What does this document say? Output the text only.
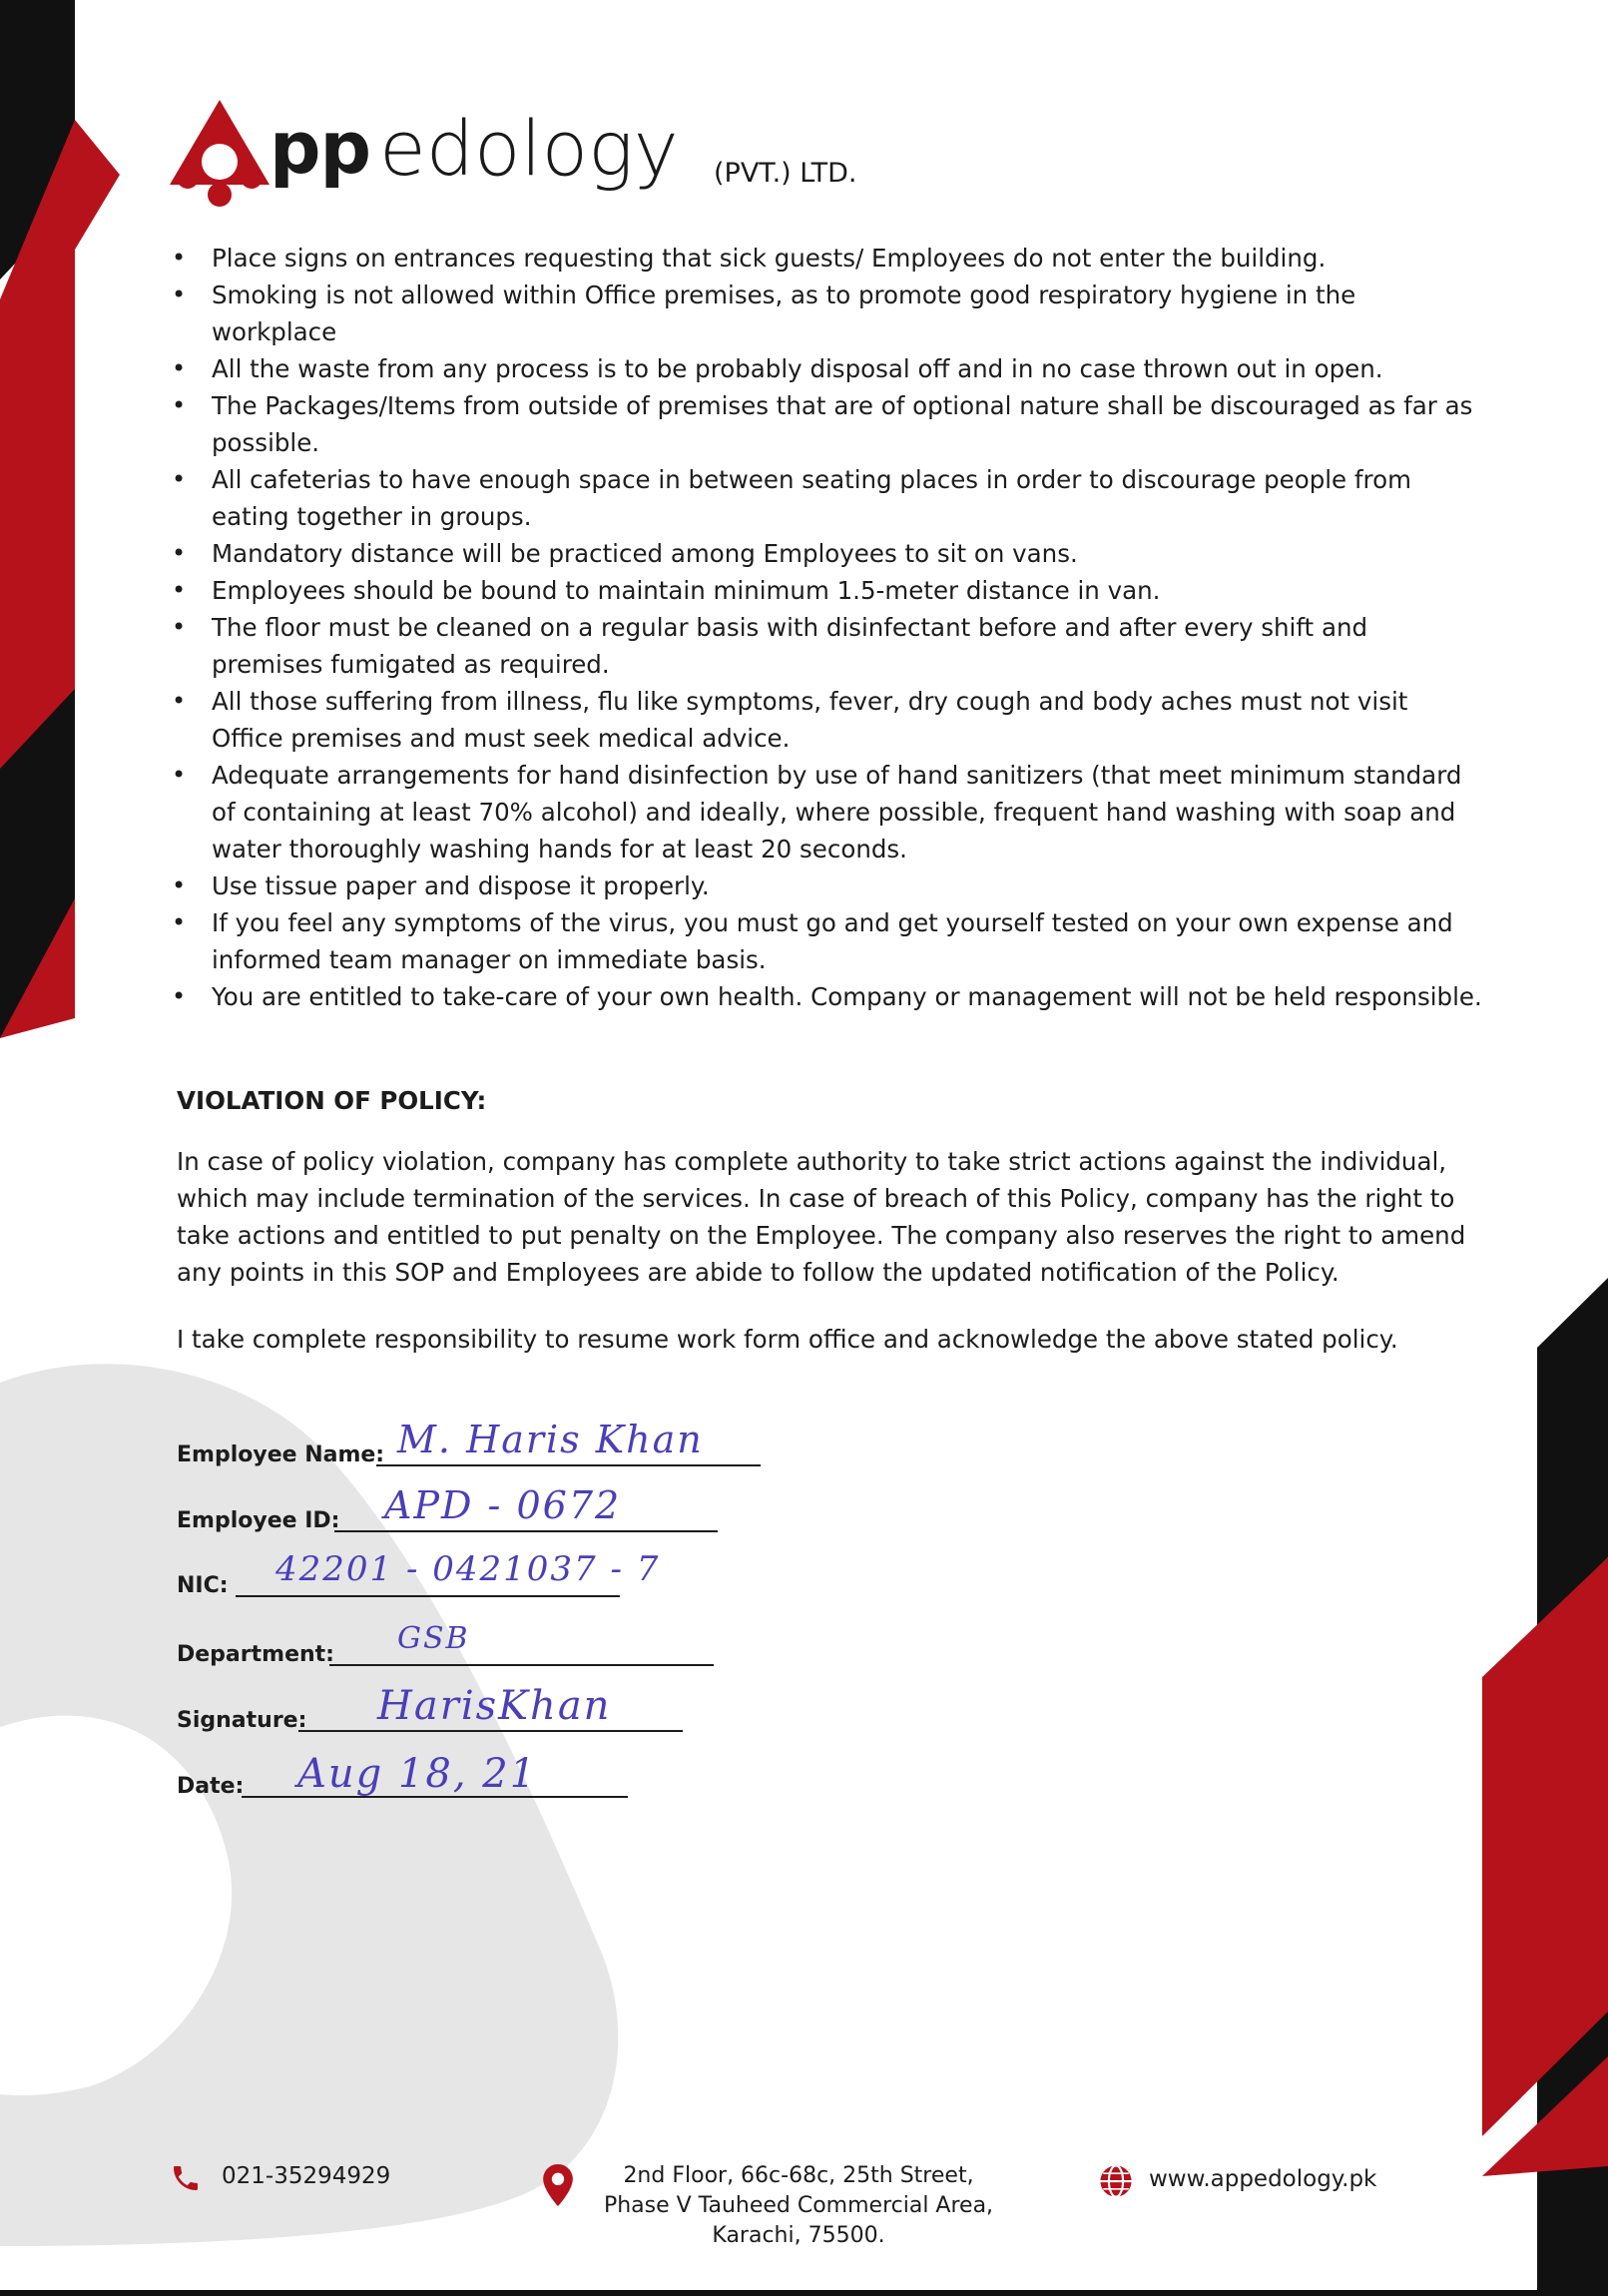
pp edology (PVT.) LTD.
• Place signs on entrances requesting that sick guests/ Employees do not enter the building.
• Smoking is not allowed within Office premises, as to promote good respiratory hygiene in the workplace
• All the waste from any process is to be probably disposal off and in no case thrown out in open.
• The Packages/Items from outside of premises that are of optional nature shall be discouraged as far as possible.
• All cafeterias to have enough space in between seating places in order to discourage people from eating together in groups.
• Mandatory distance will be practiced among Employees to sit on vans.
• Employees should be bound to maintain minimum 1.5-meter distance in van.
• The floor must be cleaned on a regular basis with disinfectant before and after every shift and premises fumigated as required.
• All those suffering from illness, flu like symptoms, fever, dry cough and body aches must not visit Office premises and must seek medical advice.
• Adequate arrangements for hand disinfection by use of hand sanitizers (that meet minimum standard of containing at least 70% alcohol) and ideally, where possible, frequent hand washing with soap and water thoroughly washing hands for at least 20 seconds.
• Use tissue paper and dispose it properly.
• If you feel any symptoms of the virus, you must go and get yourself tested on your own expense and informed team manager on immediate basis.
• You are entitled to take-care of your own health. Company or management will not be held responsible.
VIOLATION OF POLICY:
In case of policy violation, company has complete authority to take strict actions against the individual, which may include termination of the services. In case of breach of this Policy, company has the right to take actions and entitled to put penalty on the Employee. The company also reserves the right to amend any points in this SOP and Employees are abide to follow the updated notification of the Policy.
I take complete responsibility to resume work form office and acknowledge the above stated policy.
Employee Name: M. Haris Khan
Employee ID: APD - 0672
NIC: 42201 - 0421037 - 7
Department: GSB
Signature: HarisKhan
Date: Aug 18, 21
021-35294929	2nd Floor, 66c-68c, 25th Street,
Phase V Tauheed Commercial Area,
Karachi, 75500.
www.appedology.pk
